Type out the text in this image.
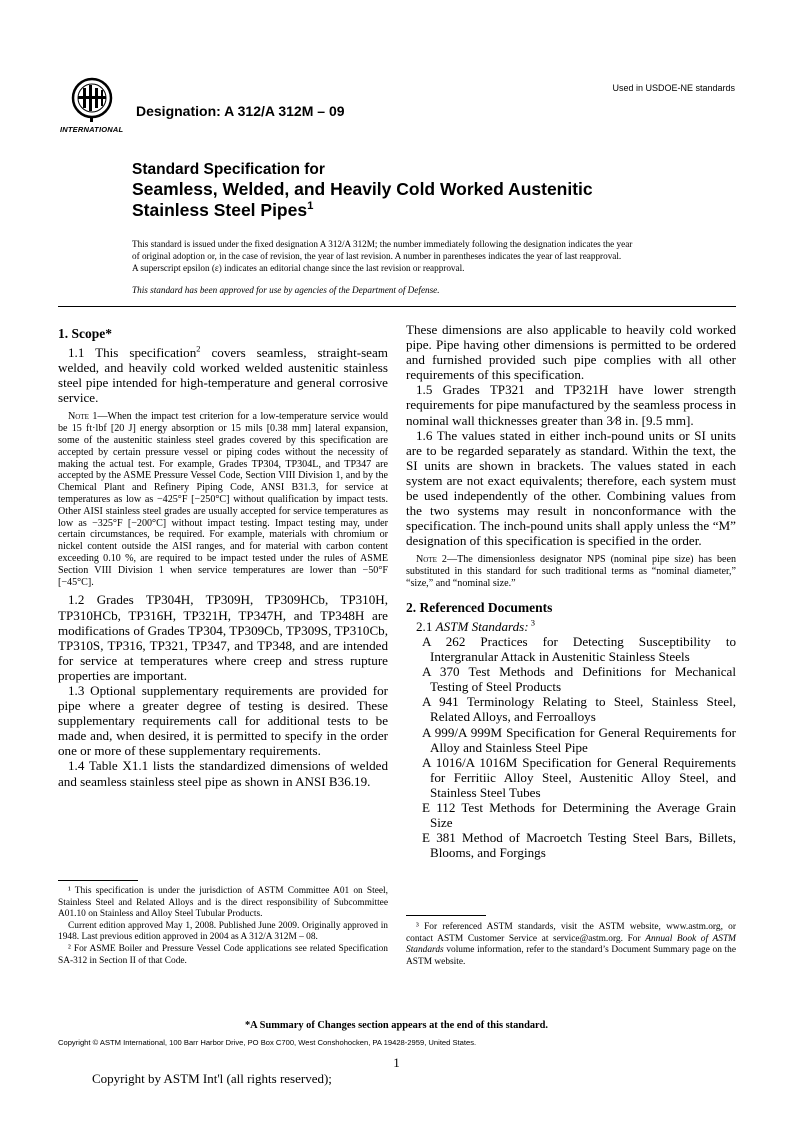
Used in USDOE-NE standards
INTERNATIONAL
Designation: A 312/A 312M – 09
Standard Specification for
Seamless, Welded, and Heavily Cold Worked Austenitic
Stainless Steel Pipes$^1$

This standard is issued under the fixed designation A 312/A 312M; the number immediately following the designation indicates the year

of original adoption or, in the case of revision, the year of last revision. A number in parentheses indicates the year of last reapproval.

A superscript epsilon (ε) indicates an editorial change since the last revision or reapproval.

This standard has been approved for use by agencies of the Department of Defense.
1. Scope*

1.1 This specification$^2$ covers seamless, straight-seam welded, and heavily cold worked welded austenitic stainless steel pipe intended for high-temperature and general corrosive service.

Note 1—When the impact test criterion for a low-temperature service would be 15 ft·lbf [20 J] energy absorption or 15 mils [0.38 mm] lateral expansion, some of the austenitic stainless steel grades covered by this specification are accepted by certain pressure vessel or piping codes without the necessity of making the actual test. For example, Grades TP304, TP304L, and TP347 are accepted by the ASME Pressure Vessel Code, Section VIII Division 1, and by the Chemical Plant and Refinery Piping Code, ANSI B31.3, for service at temperatures as low as −425°F [−250°C] without qualification by impact tests. Other AISI stainless steel grades are usually accepted for service temperatures as low as −325°F [−200°C] without impact testing. Impact testing may, under certain circumstances, be required. For example, materials with chromium or nickel content outside the AISI ranges, and for material with carbon content exceeding 0.10 %, are required to be impact tested under the rules of ASME Section VIII Division 1 when service temperatures are lower than −50°F [−45°C].

1.2 Grades TP304H, TP309H, TP309HCb, TP310H, TP310HCb, TP316H, TP321H, TP347H, and TP348H are modifications of Grades TP304, TP309Cb, TP309S, TP310Cb, TP310S, TP316, TP321, TP347, and TP348, and are intended for service at temperatures where creep and stress rupture properties are important.

1.3 Optional supplementary requirements are provided for pipe where a greater degree of testing is desired. These supplementary requirements call for additional tests to be made and, when desired, it is permitted to specify in the order one or more of these supplementary requirements.

1.4 Table X1.1 lists the standardized dimensions of welded and seamless stainless steel pipe as shown in ANSI B36.19.

These dimensions are also applicable to heavily cold worked pipe. Pipe having other dimensions is permitted to be ordered and furnished provided such pipe complies with all other requirements of this specification.

1.5 Grades TP321 and TP321H have lower strength requirements for pipe manufactured by the seamless process in nominal wall thicknesses greater than 3⁄8 in. [9.5 mm].

1.6 The values stated in either inch-pound units or SI units are to be regarded separately as standard. Within the text, the SI units are shown in brackets. The values stated in each system are not exact equivalents; therefore, each system must be used independently of the other. Combining values from the two systems may result in nonconformance with the specification. The inch-pound units shall apply unless the “M” designation of this specification is specified in the order.

Note 2—The dimensionless designator NPS (nominal pipe size) has been substituted in this standard for such traditional terms as “nominal diameter,” “size,” and “nominal size.”

2. Referenced Documents

2.1 ASTM Standards: $^3$

A 262 Practices for Detecting Susceptibility to Intergranular Attack in Austenitic Stainless Steels

A 370 Test Methods and Definitions for Mechanical Testing of Steel Products

A 941 Terminology Relating to Steel, Stainless Steel, Related Alloys, and Ferroalloys

A 999/A 999M Specification for General Requirements for Alloy and Stainless Steel Pipe

A 1016/A 1016M Specification for General Requirements for Ferritiic Alloy Steel, Austenitic Alloy Steel, and Stainless Steel Tubes

E 112 Test Methods for Determining the Average Grain Size

E 381 Method of Macroetch Testing Steel Bars, Billets, Blooms, and Forgings

¹ This specification is under the jurisdiction of ASTM Committee A01 on Steel, Stainless Steel and Related Alloys and is the direct responsibility of Subcommittee A01.10 on Stainless and Alloy Steel Tubular Products.

Current edition approved May 1, 2008. Published June 2009. Originally approved in 1948. Last previous edition approved in 2004 as A 312/A 312M – 08.

² For ASME Boiler and Pressure Vessel Code applications see related Specification SA-312 in Section II of that Code.

³ For referenced ASTM standards, visit the ASTM website, www.astm.org, or contact ASTM Customer Service at service@astm.org. For Annual Book of ASTM Standards volume information, refer to the standard’s Document Summary page on the ASTM website.

*A Summary of Changes section appears at the end of this standard.
Copyright © ASTM International, 100 Barr Harbor Drive, PO Box C700, West Conshohocken, PA 19428-2959, United States.
1
Copyright by ASTM Int'l (all rights reserved);
